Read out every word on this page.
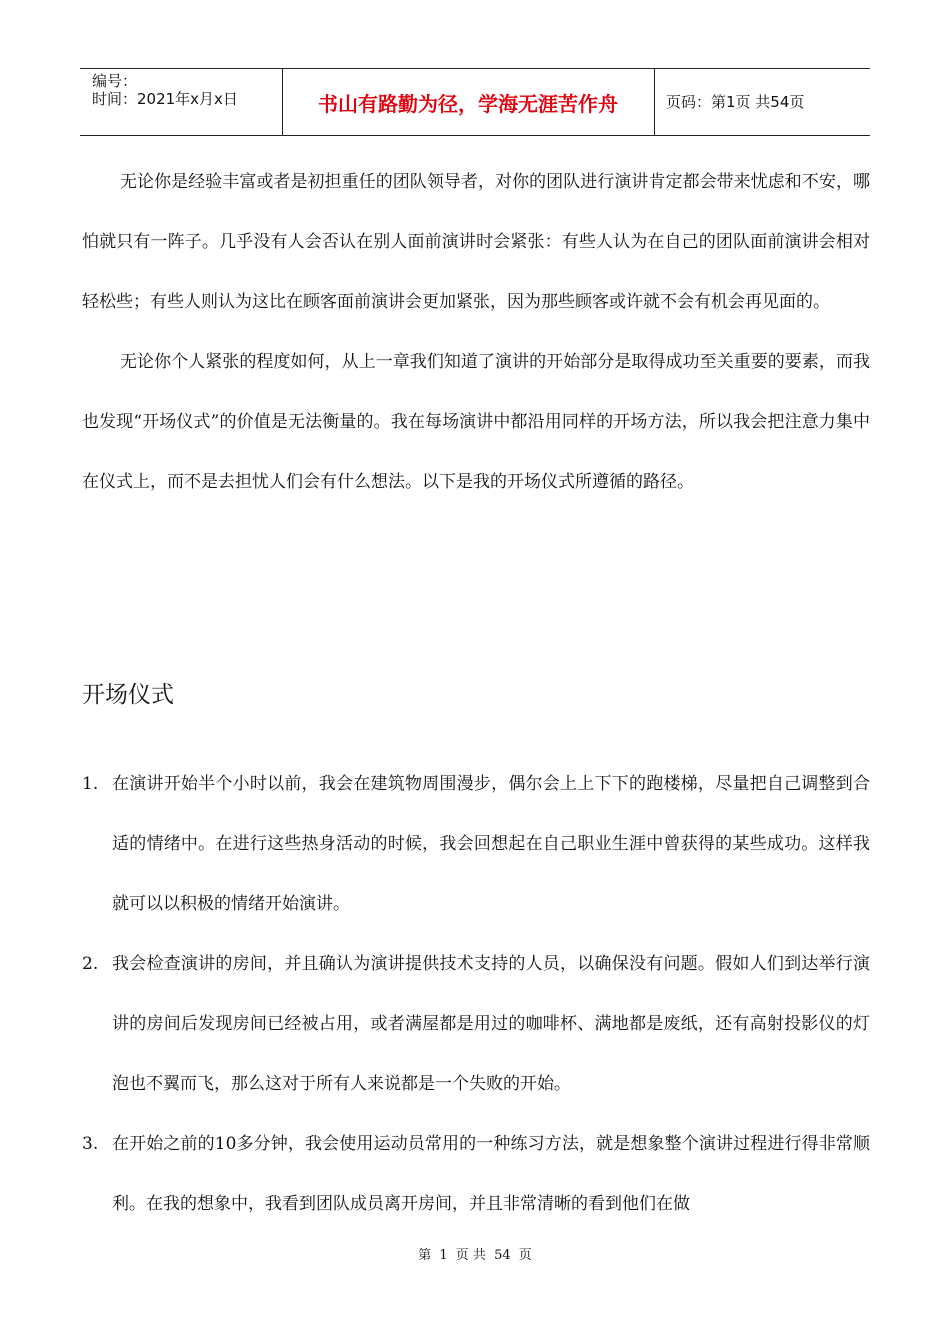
编号：
时间：2021年x月x日	书山有路勤为径，学海无涯苦作舟	页码：第1页 共54页

无论你是经验丰富或者是初担重任的团队领导者，对你的团队进行演讲肯定都会带来忧虑和不安，哪怕就只有一阵子。几乎没有人会否认在别人面前演讲时会紧张：有些人认为在自己的团队面前演讲会相对轻松些；有些人则认为这比在顾客面前演讲会更加紧张，因为那些顾客或许就不会有机会再见面的。

无论你个人紧张的程度如何，从上一章我们知道了演讲的开始部分是取得成功至关重要的要素，而我也发现“开场仪式”的价值是无法衡量的。我在每场演讲中都沿用同样的开场方法，所以我会把注意力集中在仪式上，而不是去担忧人们会有什么想法。以下是我的开场仪式所遵循的路径。

开场仪式
1. 在演讲开始半个小时以前，我会在建筑物周围漫步，偶尔会上上下下的跑楼梯，尽量把自己调整到合适的情绪中。在进行这些热身活动的时候，我会回想起在自己职业生涯中曾获得的某些成功。这样我就可以以积极的情绪开始演讲。
2. 我会检查演讲的房间，并且确认为演讲提供技术支持的人员，以确保没有问题。假如人们到达举行演讲的房间后发现房间已经被占用，或者满屋都是用过的咖啡杯、满地都是废纸，还有高射投影仪的灯泡也不翼而飞，那么这对于所有人来说都是一个失败的开始。
3. 在开始之前的10多分钟，我会使用运动员常用的一种练习方法，就是想象整个演讲过程进行得非常顺利。在我的想象中，我看到团队成员离开房间，并且非常清晰的看到他们在做
第 1 页 共 54 页
